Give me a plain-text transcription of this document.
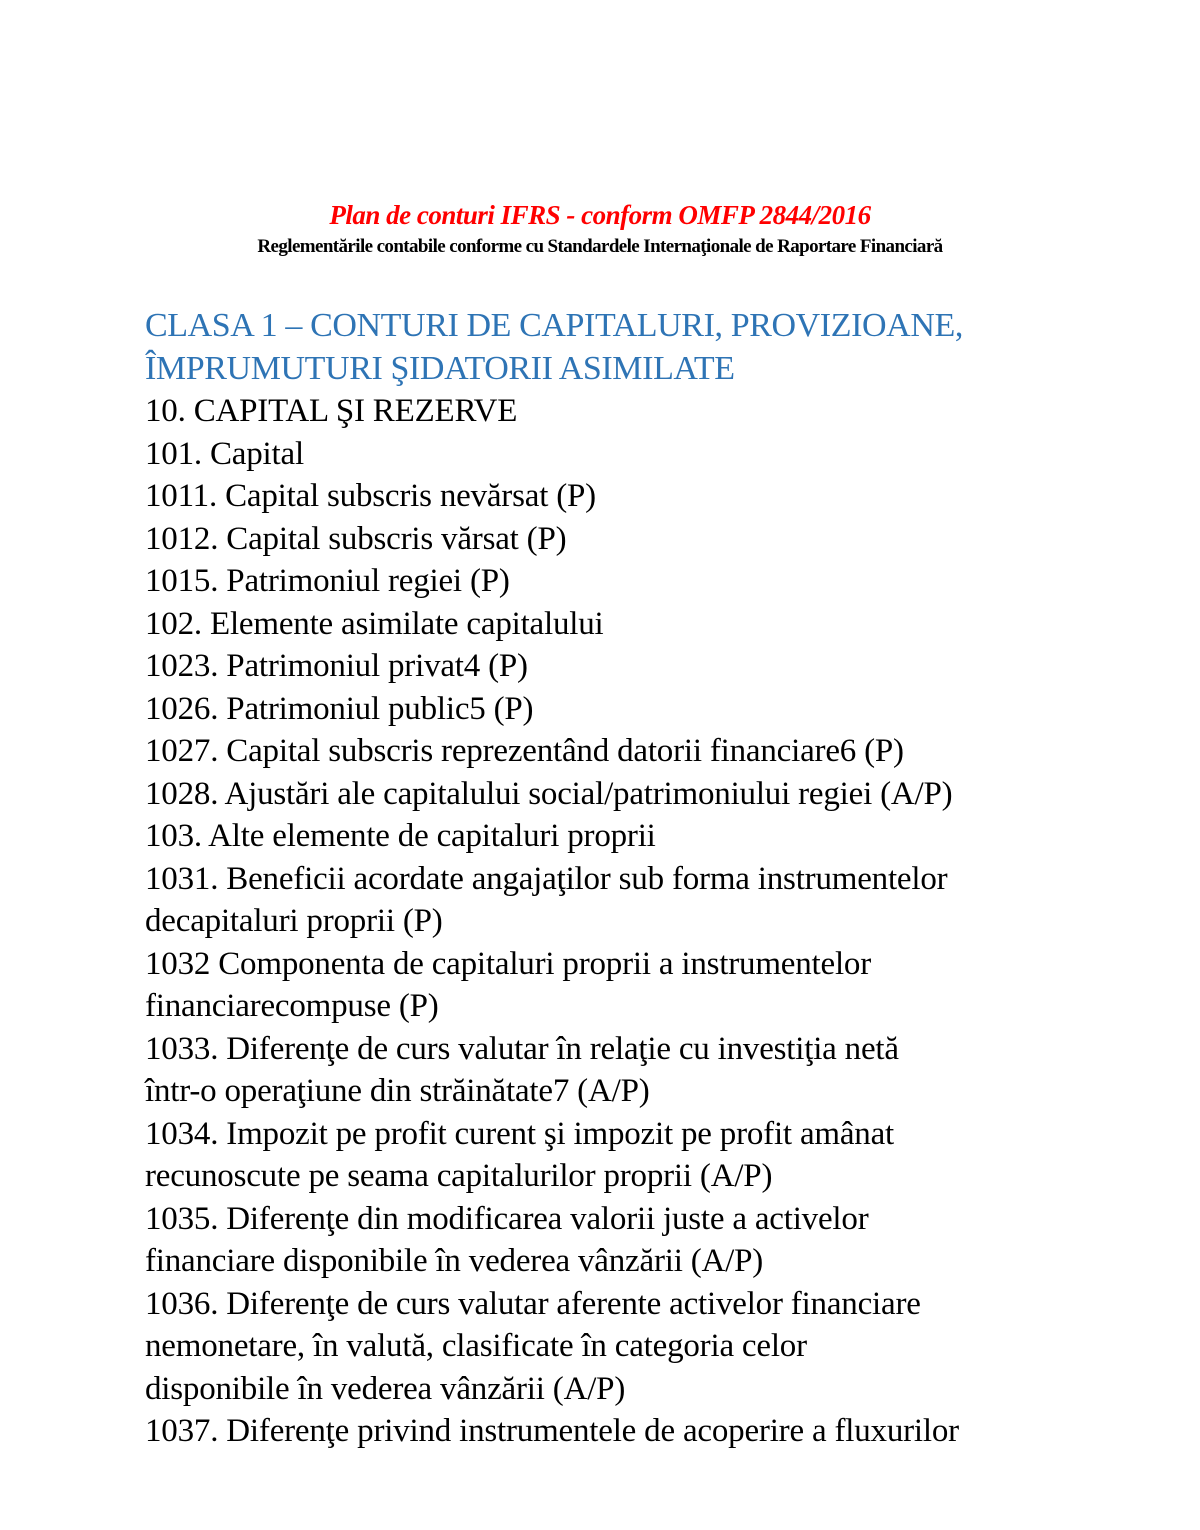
Plan de conturi IFRS - conform OMFP 2844/2016
Reglementările contabile conforme cu Standardele Internaţionale de Raportare Financiară
CLASA 1 – CONTURI DE CAPITALURI, PROVIZIOANE,
ÎMPRUMUTURI ŞIDATORII ASIMILATE
10. CAPITAL ŞI REZERVE
101. Capital
1011. Capital subscris nevărsat (P)
1012. Capital subscris vărsat (P)
1015. Patrimoniul regiei (P)
102. Elemente asimilate capitalului
1023. Patrimoniul privat4 (P)
1026. Patrimoniul public5 (P)
1027. Capital subscris reprezentând datorii financiare6 (P)
1028. Ajustări ale capitalului social/patrimoniului regiei (A/P)
103. Alte elemente de capitaluri proprii
1031. Beneficii acordate angajaţilor sub forma instrumentelor
decapitaluri proprii (P)
1032 Componenta de capitaluri proprii a instrumentelor
financiarecompuse (P)
1033. Diferenţe de curs valutar în relaţie cu investiţia netă
într-o operaţiune din străinătate7 (A/P)
1034. Impozit pe profit curent şi impozit pe profit amânat
recunoscute pe seama capitalurilor proprii (A/P)
1035. Diferenţe din modificarea valorii juste a activelor
financiare disponibile în vederea vânzării (A/P)
1036. Diferenţe de curs valutar aferente activelor financiare
nemonetare, în valută, clasificate în categoria celor
disponibile în vederea vânzării (A/P)
1037. Diferenţe privind instrumentele de acoperire a fluxurilor
